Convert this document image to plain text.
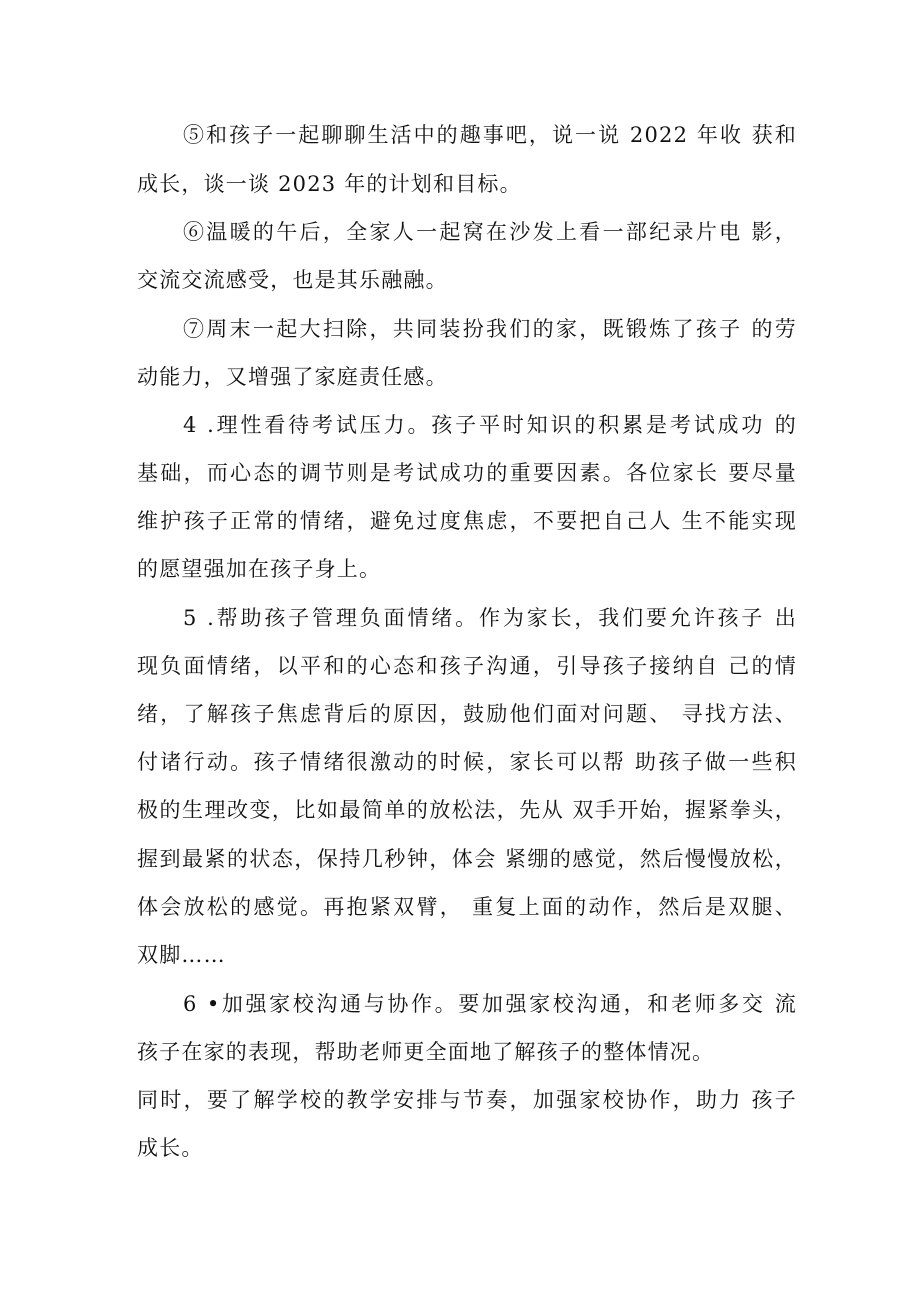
⑤和孩子一起聊聊生活中的趣事吧，说一说 2022 年收 获和
成长，谈一谈 2023 年的计划和目标。
⑥温暖的午后，全家人一起窝在沙发上看一部纪录片电 影，
交流交流感受，也是其乐融融。
⑦周末一起大扫除，共同装扮我们的家，既锻炼了孩子 的劳
动能力，又增强了家庭责任感。
4 .理性看待考试压力。孩子平时知识的积累是考试成功 的
基础，而心态的调节则是考试成功的重要因素。各位家长 要尽量
维护孩子正常的情绪，避免过度焦虑，不要把自己人 生不能实现
的愿望强加在孩子身上。
5 .帮助孩子管理负面情绪。作为家长，我们要允许孩子 出
现负面情绪，以平和的心态和孩子沟通，引导孩子接纳自 己的情
绪，了解孩子焦虑背后的原因，鼓励他们面对问题、 寻找方法、
付诸行动。孩子情绪很激动的时候，家长可以帮 助孩子做一些积
极的生理改变，比如最简单的放松法，先从 双手开始，握紧拳头，
握到最紧的状态，保持几秒钟，体会 紧绷的感觉，然后慢慢放松，
体会放松的感觉。再抱紧双臂， 重复上面的动作，然后是双腿、
双脚……
6 •加强家校沟通与协作。要加强家校沟通，和老师多交 流
孩子在家的表现，帮助老师更全面地了解孩子的整体情况。
同时，要了解学校的教学安排与节奏，加强家校协作，助力 孩子
成长。
